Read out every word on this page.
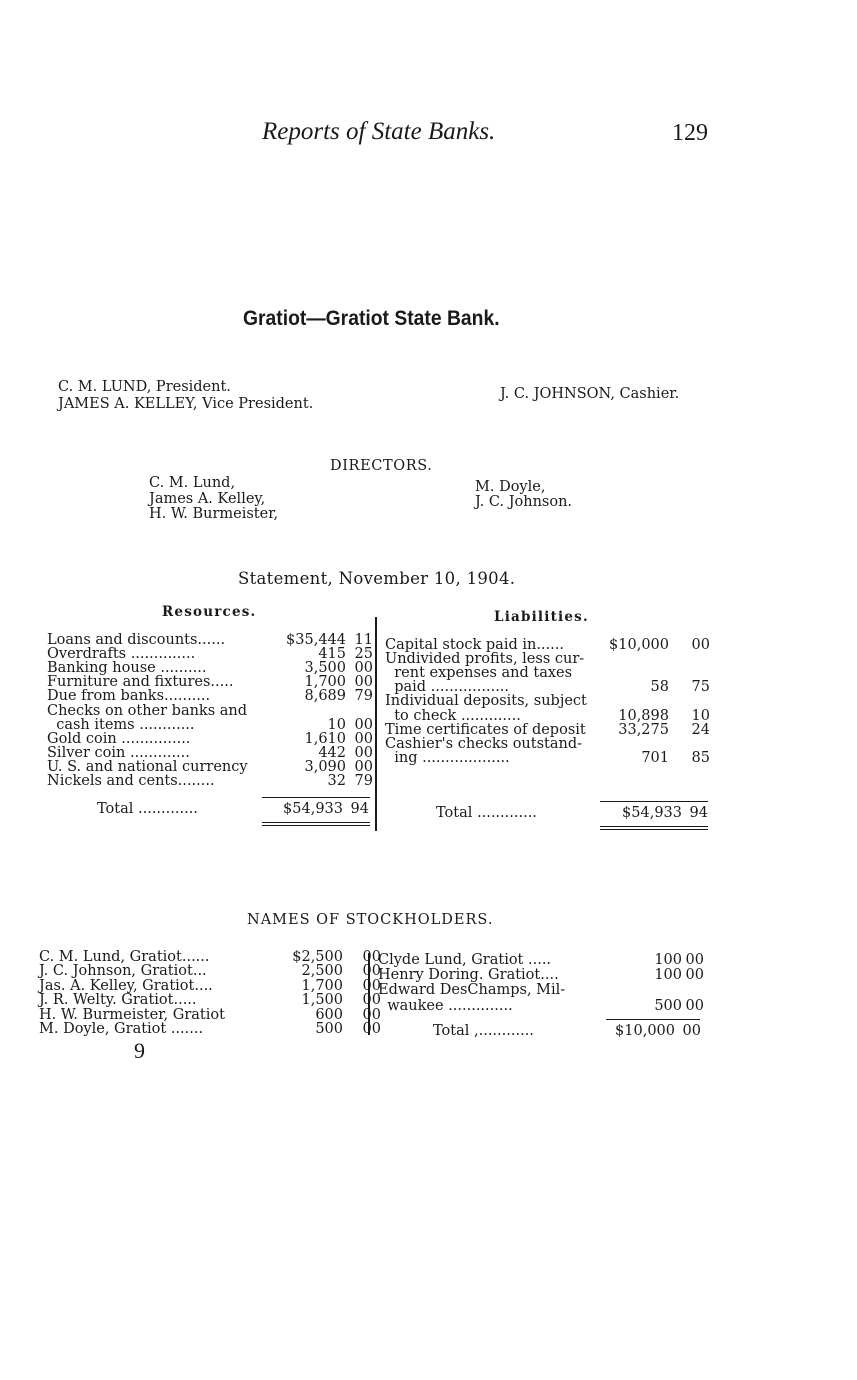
Reports of State Banks.	129
Gratiot—Gratiot State Bank.
C. M. LUND, President.
JAMES A. KELLEY, Vice President.
J. C. JOHNSON, Cashier.
DIRECTORS.
C. M. Lund,
James A. Kelley,
H. W. Burmeister,
M. Doyle,
J. C. Johnson.
Statement, November 10, 1904.
Resources.	Liabilities.
Loans and discounts......	$35,444 11
Overdrafts ..............	415 25
Banking house ..........	3,500 00
Furniture and fixtures.....	1,700 00
Due from banks..........	8,689 79
Checks on other banks and
cash items ............	10 00
Gold coin ...............	1,610 00
Silver coin .............	442 00
U. S. and national currency	3,090 00
Nickels and cents........	32 79
Capital stock paid in......	$10,000 00
Undivided profits, less cur-
rent expenses and taxes
paid .................	58 75
Individual deposits, subject
to check .............	10,898 10
Time certificates of deposit	33,275 24
Cashier's checks outstand-
ing ...................	701 85
Total .............	$54,933 94	Total .............	$54,933 94
NAMES OF STOCKHOLDERS.
C. M. Lund, Gratiot......	$2,500 00
J. C. Johnson, Gratiot...	2,500 00
Jas. A. Kelley, Gratiot....	1,700 00
J. R. Welty. Gratiot.....	1,500 00
H. W. Burmeister, Gratiot	600 00
M. Doyle, Gratiot .......	500 00
Clyde Lund, Gratiot .....	100 00
Henry Doring. Gratiot....	100 00
Edward DesChamps, Mil-
waukee ..............	500 00
Total ,............	$10,000 00
9
